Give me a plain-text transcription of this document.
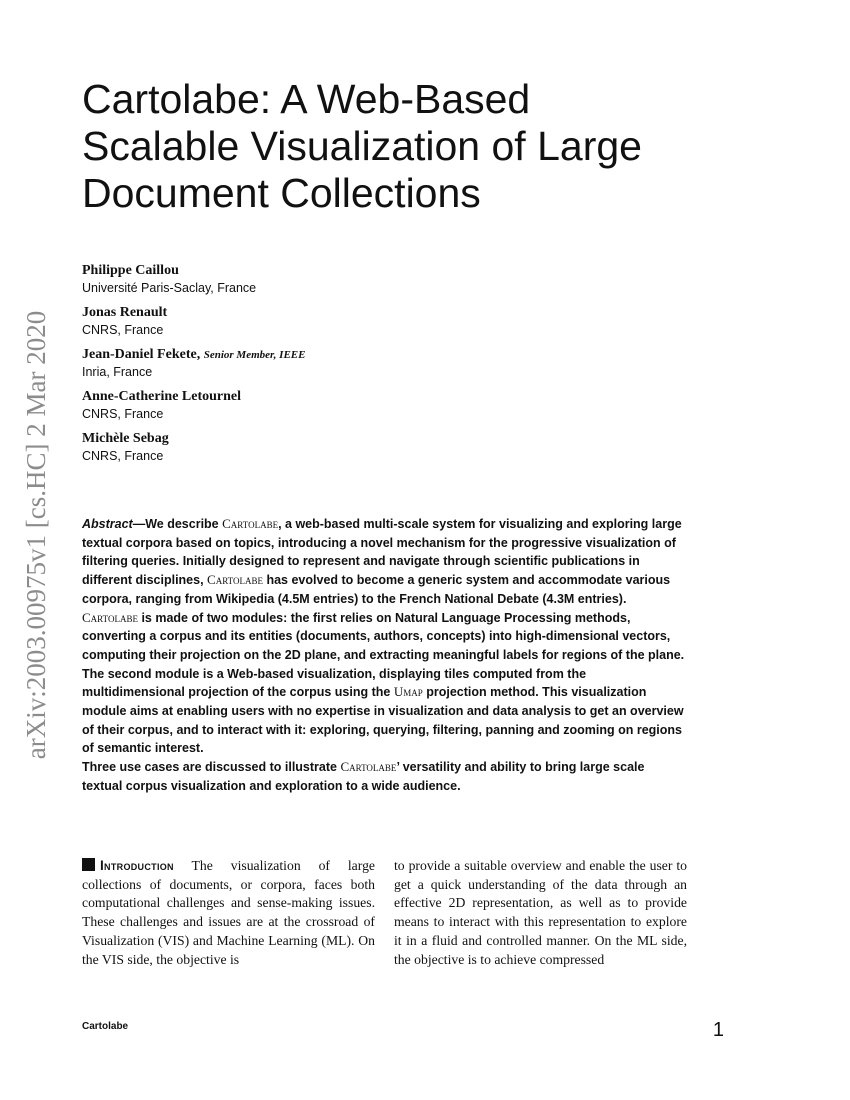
arXiv:2003.00975v1 [cs.HC] 2 Mar 2020
Cartolabe: A Web-Based
Scalable Visualization of Large
Document Collections
Philippe Caillou
Université Paris-Saclay, France
Jonas Renault
CNRS, France
Jean-Daniel Fekete, Senior Member, IEEE
Inria, France
Anne-Catherine Letournel
CNRS, France
Michèle Sebag
CNRS, France

Abstract—We describe Cartolabe, a web-based multi-scale system for visualizing and exploring large textual corpora based on topics, introducing a novel mechanism for the progressive visualization of filtering queries. Initially designed to represent and navigate through scientific publications in different disciplines, Cartolabe has evolved to become a generic system and accommodate various corpora, ranging from Wikipedia (4.5M entries) to the French National Debate (4.3M entries).

Cartolabe is made of two modules: the first relies on Natural Language Processing methods, converting a corpus and its entities (documents, authors, concepts) into high-dimensional vectors, computing their projection on the 2D plane, and extracting meaningful labels for regions of the plane. The second module is a Web-based visualization, displaying tiles computed from the multidimensional projection of the corpus using the Umap projection method. This visualization module aims at enabling users with no expertise in visualization and data analysis to get an overview of their corpus, and to interact with it: exploring, querying, filtering, panning and zooming on regions of semantic interest.

Three use cases are discussed to illustrate Cartolabe’ versatility and ability to bring large scale textual corpus visualization and exploration to a wide audience.

Introduction The visualization of large collections of documents, or corpora, faces both computational challenges and sense-making issues. These challenges and issues are at the crossroad of Visualization (VIS) and Machine Learning (ML). On the VIS side, the objective is

to provide a suitable overview and enable the user to get a quick understanding of the data through an effective 2D representation, as well as to provide means to interact with this representation to explore it in a fluid and controlled manner. On the ML side, the objective is to achieve compressed

Cartolabe	1
